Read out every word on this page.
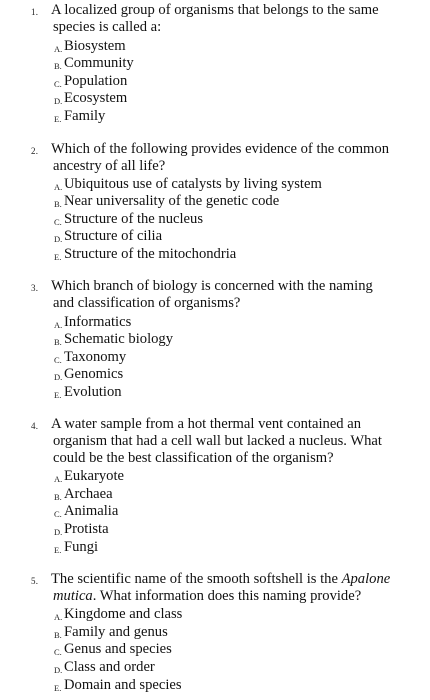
1. A localized group of organisms that belongs to the same
species is called a:
A. Biosystem
B. Community
C. Population
D. Ecosystem
E. Family
2. Which of the following provides evidence of the common
ancestry of all life?
A. Ubiquitous use of catalysts by living system
B. Near universality of the genetic code
C. Structure of the nucleus
D. Structure of cilia
E. Structure of the mitochondria
3. Which branch of biology is concerned with the naming
and classification of organisms?
A. Informatics
B. Schematic biology
C. Taxonomy
D. Genomics
E. Evolution
4. A water sample from a hot thermal vent contained an
organism that had a cell wall but lacked a nucleus. What
could be the best classification of the organism?
A. Eukaryote
B. Archaea
C. Animalia
D. Protista
E. Fungi
5. The scientific name of the smooth softshell is the Apalone
mutica. What information does this naming provide?
A. Kingdome and class
B. Family and genus
C. Genus and species
D. Class and order
E. Domain and species
